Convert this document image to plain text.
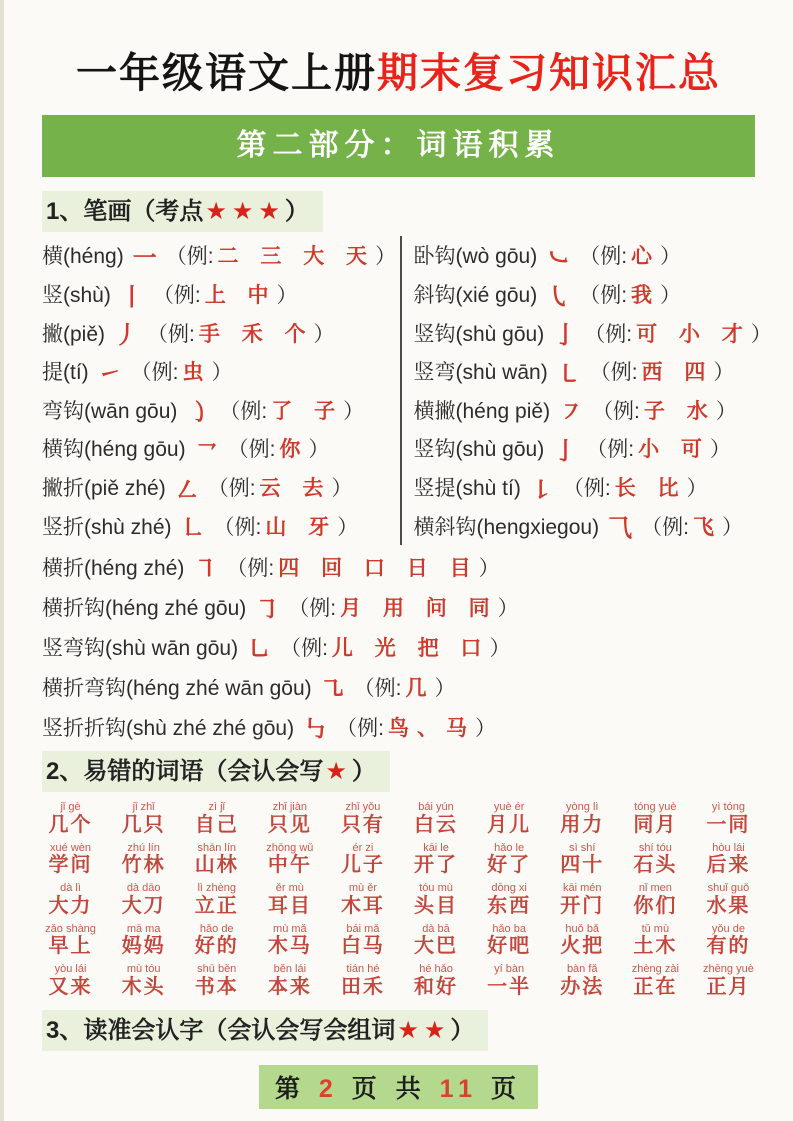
一年级语文上册期末复习知识汇总
第二部分：词语积累
1、笔画（考点★★★）
横(héng) 一 （例: 二 三 大 天 ）
竖(shù) 丨 （例: 上 中 ）
撇(piě) 丿 （例: 手 禾 个 ）
提(tí) ㇀ （例: 虫 ）
弯钩(wān gōu) ㇁ （例: 了 子 ）
横钩(héng gōu) ㇖ （例: 你 ）
撇折(piě zhé) ㇜ （例: 云 去 ）
竖折(shù zhé) ㇗ （例: 山 牙 ）
卧钩(wò gōu) ㇃ （例: 心 ）
斜钩(xié gōu) ㇂ （例: 我 ）
竖钩(shù gōu) 亅 （例: 可 小 才 ）
竖弯(shù wān) ㇄ （例: 西 四 ）
横撇(héng piě) ㇇ （例: 子 水 ）
竖钩(shù gōu) 亅 （例: 小 可 ）
竖提(shù tí) ㇙ （例: 长 比 ）
横斜钩(hengxiegou) ⺄ （例: 飞 ）
横折(héng zhé) ㇕ （例: 四 回 口 日 目 ）
横折钩(héng zhé gōu) ㇆ （例: 月 用 问 同 ）
竖弯钩(shù wān gōu) ㇟ （例: 儿 光 把 口 ）
横折弯钩(héng zhé wān gōu) ㇈ （例: 几 ）
竖折折钩(shù zhé zhé gōu) ㇉ （例: 鸟、马 ）
2、易错的词语（会认会写★）
jǐ gè
几个
jǐ zhǐ
几只
zì jǐ
自己
zhǐ jiàn
只见
zhǐ yǒu
只有
bái yún
白云
yuè ér
月儿
yòng lì
用力
tóng yuè
同月
yì tóng
一同
xué wèn
学问
zhú lín
竹林
shān lín
山林
zhōng wǔ
中午
ér zi
儿子
kāi le
开了
hǎo le
好了
sì shí
四十
shí tóu
石头
hòu lái
后来
dà lì
大力
dà dāo
大刀
lì zhèng
立正
ěr mù
耳目
mù ěr
木耳
tóu mù
头目
dōng xi
东西
kāi mén
开门
nǐ men
你们
shuǐ guǒ
水果
zǎo shàng
早上
mā ma
妈妈
hǎo de
好的
mù mǎ
木马
bái mǎ
白马
dà bā
大巴
hǎo ba
好吧
huǒ bǎ
火把
tǔ mù
土木
yǒu de
有的
yòu lái
又来
mù tóu
木头
shū běn
书本
běn lái
本来
tián hé
田禾
hé hǎo
和好
yí bàn
一半
bàn fǎ
办法
zhèng zài
正在
zhēng yuè
正月
3、读准会认字（会认会写会组词★★）
第 2 页 共 11 页
